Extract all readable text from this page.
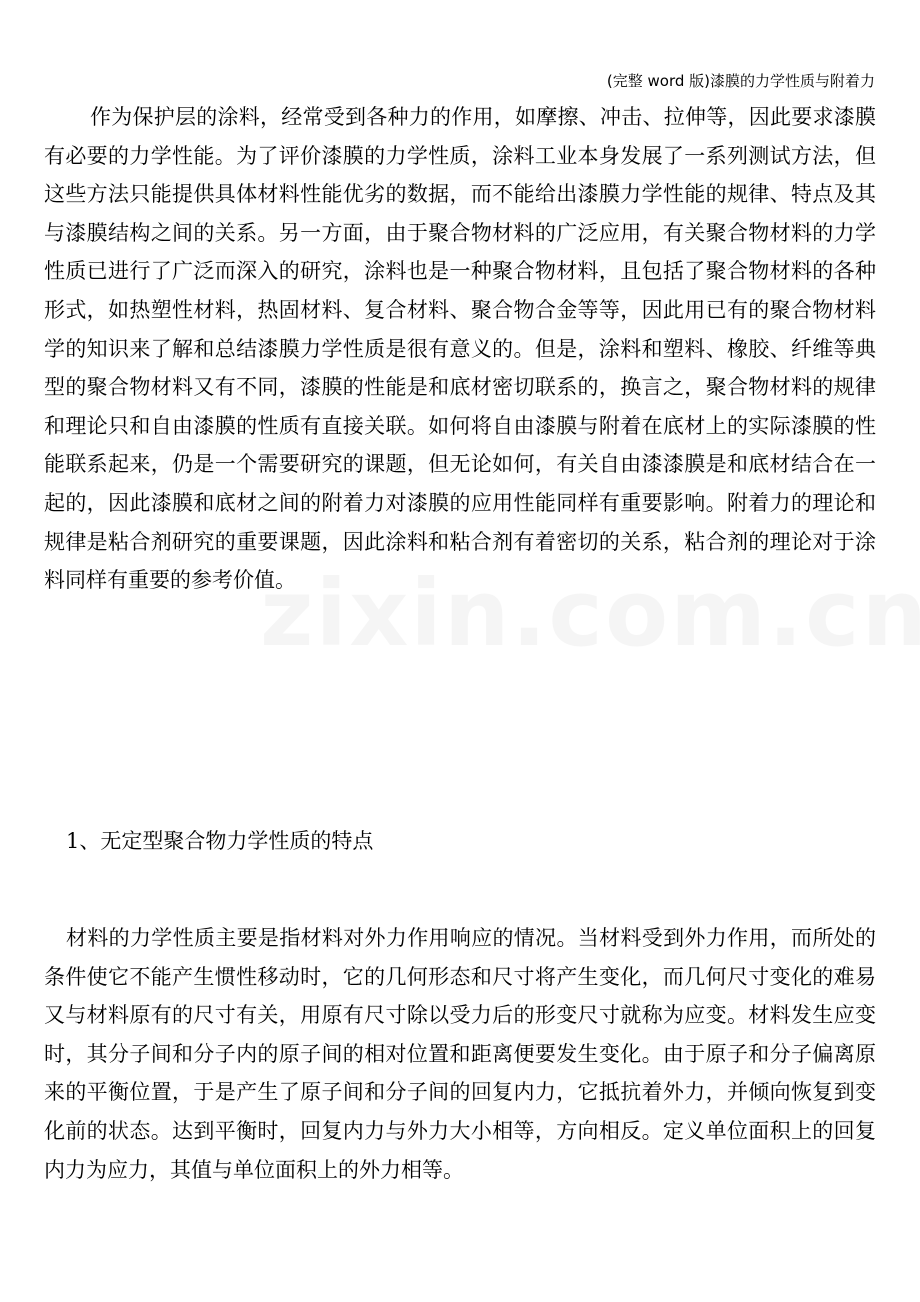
(完整 word 版)漆膜的力学性质与附着力

作为保护层的涂料，经常受到各种力的作用，如摩擦、冲击、拉伸等，因此要求漆膜有必要的力学性能。为了评价漆膜的力学性质，涂料工业本身发展了一系列测试方法，但这些方法只能提供具体材料性能优劣的数据，而不能给出漆膜力学性能的规律、特点及其与漆膜结构之间的关系。另一方面，由于聚合物材料的广泛应用，有关聚合物材料的力学性质已进行了广泛而深入的研究，涂料也是一种聚合物材料，且包括了聚合物材料的各种形式，如热塑性材料，热固材料、复合材料、聚合物合金等等，因此用已有的聚合物材料学的知识来了解和总结漆膜力学性质是很有意义的。但是，涂料和塑料、橡胶、纤维等典型的聚合物材料又有不同，漆膜的性能是和底材密切联系的，换言之，聚合物材料的规律和理论只和自由漆膜的性质有直接关联。如何将自由漆膜与附着在底材上的实际漆膜的性能联系起来，仍是一个需要研究的课题，但无论如何，有关自由漆漆膜是和底材结合在一起的，因此漆膜和底材之间的附着力对漆膜的应用性能同样有重要影响。附着力的理论和规律是粘合剂研究的重要课题，因此涂料和粘合剂有着密切的关系，粘合剂的理论对于涂料同样有重要的参考价值。

1、无定型聚合物力学性质的特点

材料的力学性质主要是指材料对外力作用响应的情况。当材料受到外力作用，而所处的条件使它不能产生惯性移动时，它的几何形态和尺寸将产生变化，而几何尺寸变化的难易又与材料原有的尺寸有关，用原有尺寸除以受力后的形变尺寸就称为应变。材料发生应变时，其分子间和分子内的原子间的相对位置和距离便要发生变化。由于原子和分子偏离原来的平衡位置，于是产生了原子间和分子间的回复内力，它抵抗着外力，并倾向恢复到变化前的状态。达到平衡时，回复内力与外力大小相等，方向相反。定义单位面积上的回复内力为应力，其值与单位面积上的外力相等。
